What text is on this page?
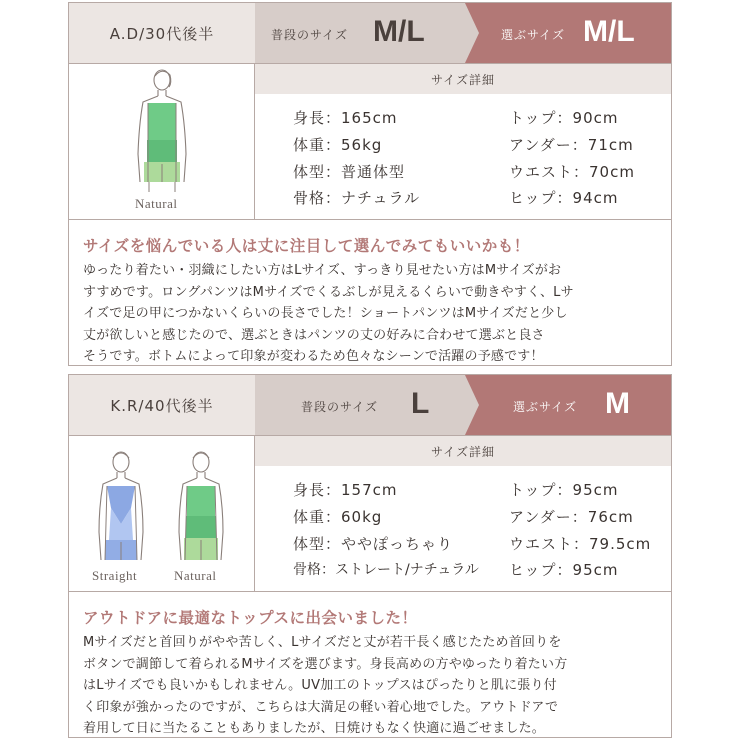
A.D/30代後半	普段のサイズ M/L	選ぶサイズ M/L
Natural
サイズ詳細
身長：165cm
体重：56kg
体型：普通体型
骨格：ナチュラル
トップ：90cm
アンダー：71cm
ウエスト：70cm
ヒップ：94cm
サイズを悩んでいる人は丈に注目して選んでみてもいいかも！
ゆったり着たい・羽織にしたい方はLサイズ、すっきり見せたい方はMサイズがお
すすめです。ロングパンツはMサイズでくるぶしが見えるくらいで動きやすく、Lサ
イズで足の甲につかないくらいの長さでした！ショートパンツはMサイズだと少し
丈が欲しいと感じたので、選ぶときはパンツの丈の好みに合わせて選ぶと良さ
そうです。ボトムによって印象が変わるため色々なシーンで活躍の予感です！
K.R/40代後半	普段のサイズ L	選ぶサイズ M
Straight	Natural
サイズ詳細
身長：157cm
体重：60kg
体型：ややぽっちゃり
骨格：ストレート/ナチュラル
トップ：95cm
アンダー：76cm
ウエスト：79.5cm
ヒップ：95cm
アウトドアに最適なトップスに出会いました！
Mサイズだと首回りがやや苦しく、Lサイズだと丈が若干長く感じたため首回りを
ボタンで調節して着られるMサイズを選びます。身長高めの方やゆったり着たい方
はLサイズでも良いかもしれません。UV加工のトップスはぴったりと肌に張り付
く印象が強かったのですが、こちらは大満足の軽い着心地でした。アウトドアで
着用して日に当たることもありましたが、日焼けもなく快適に過ごせました。
